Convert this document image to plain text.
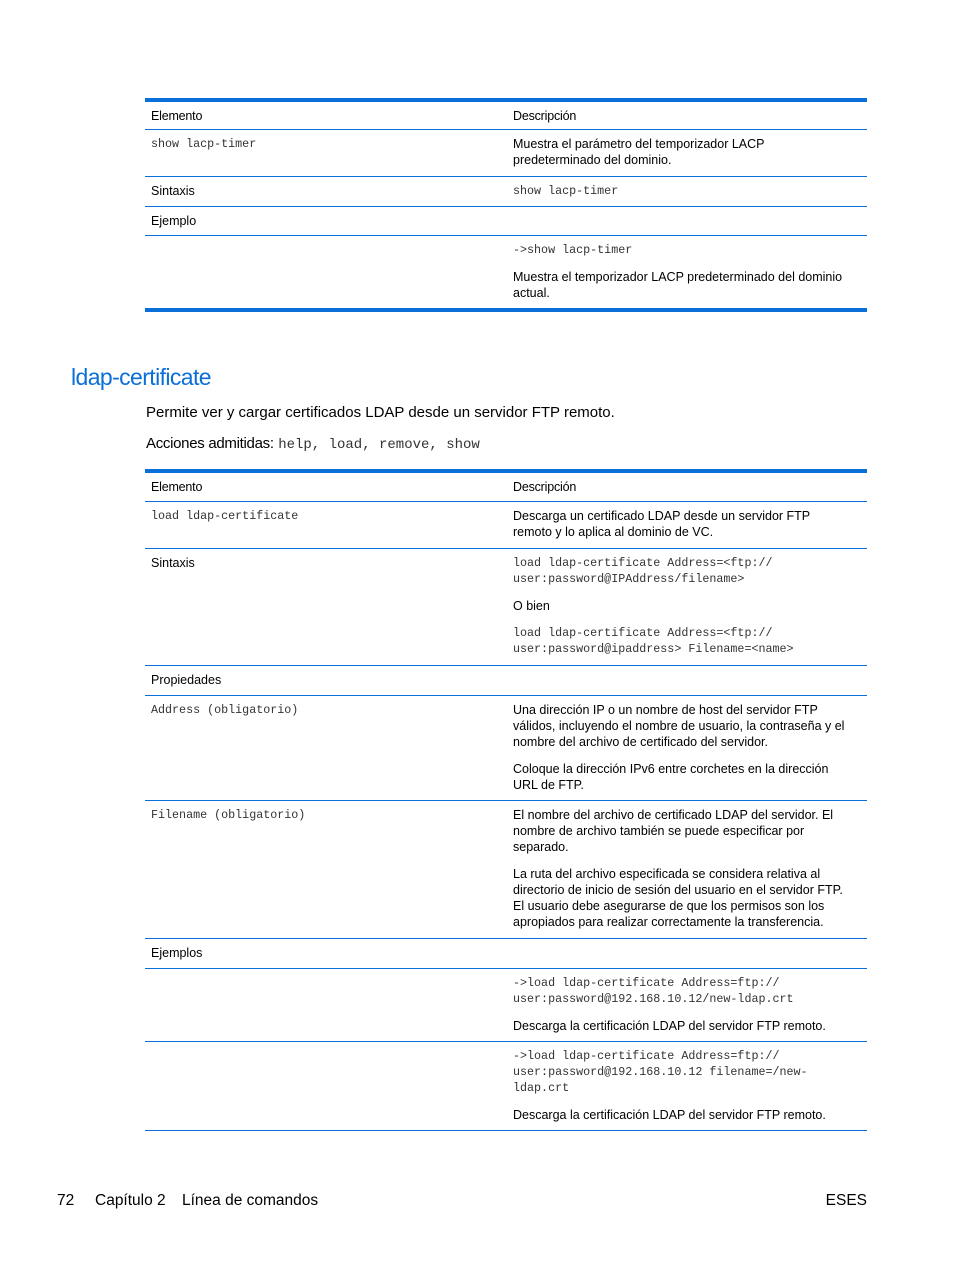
Elemento	Descripción
show lacp-timer	Muestra el parámetro del temporizador LACP

predeterminado del dominio.

Sintaxis	show lacp-timer
Ejemplo

->show lacp-timer

Muestra el temporizador LACP predeterminado del dominio

actual.

ldap-certificate
Permite ver y cargar certificados LDAP desde un servidor FTP remoto.
Acciones admitidas: help, load, remove, show
Elemento	Descripción
load ldap-certificate	Descarga un certificado LDAP desde un servidor FTP

remoto y lo aplica al dominio de VC.

Sintaxis	load ldap-certificate Address=<ftp://

user:password@IPAddress/filename>

O bien

load ldap-certificate Address=<ftp://

user:password@ipaddress> Filename=<name>

Propiedades
Address (obligatorio)	Una dirección IP o un nombre de host del servidor FTP

válidos, incluyendo el nombre de usuario, la contraseña y el

nombre del archivo de certificado del servidor.

Coloque la dirección IPv6 entre corchetes en la dirección

URL de FTP.

Filename (obligatorio)	El nombre del archivo de certificado LDAP del servidor. El

nombre de archivo también se puede especificar por

separado.

La ruta del archivo especificada se considera relativa al

directorio de inicio de sesión del usuario en el servidor FTP.

El usuario debe asegurarse de que los permisos son los

apropiados para realizar correctamente la transferencia.

Ejemplos

->load ldap-certificate Address=ftp://

user:password@192.168.10.12/new-ldap.crt

Descarga la certificación LDAP del servidor FTP remoto.

->load ldap-certificate Address=ftp://

user:password@192.168.10.12 filename=/new-

ldap.crt

Descarga la certificación LDAP del servidor FTP remoto.

72 Capítulo 2 Línea de comandos	ESES
